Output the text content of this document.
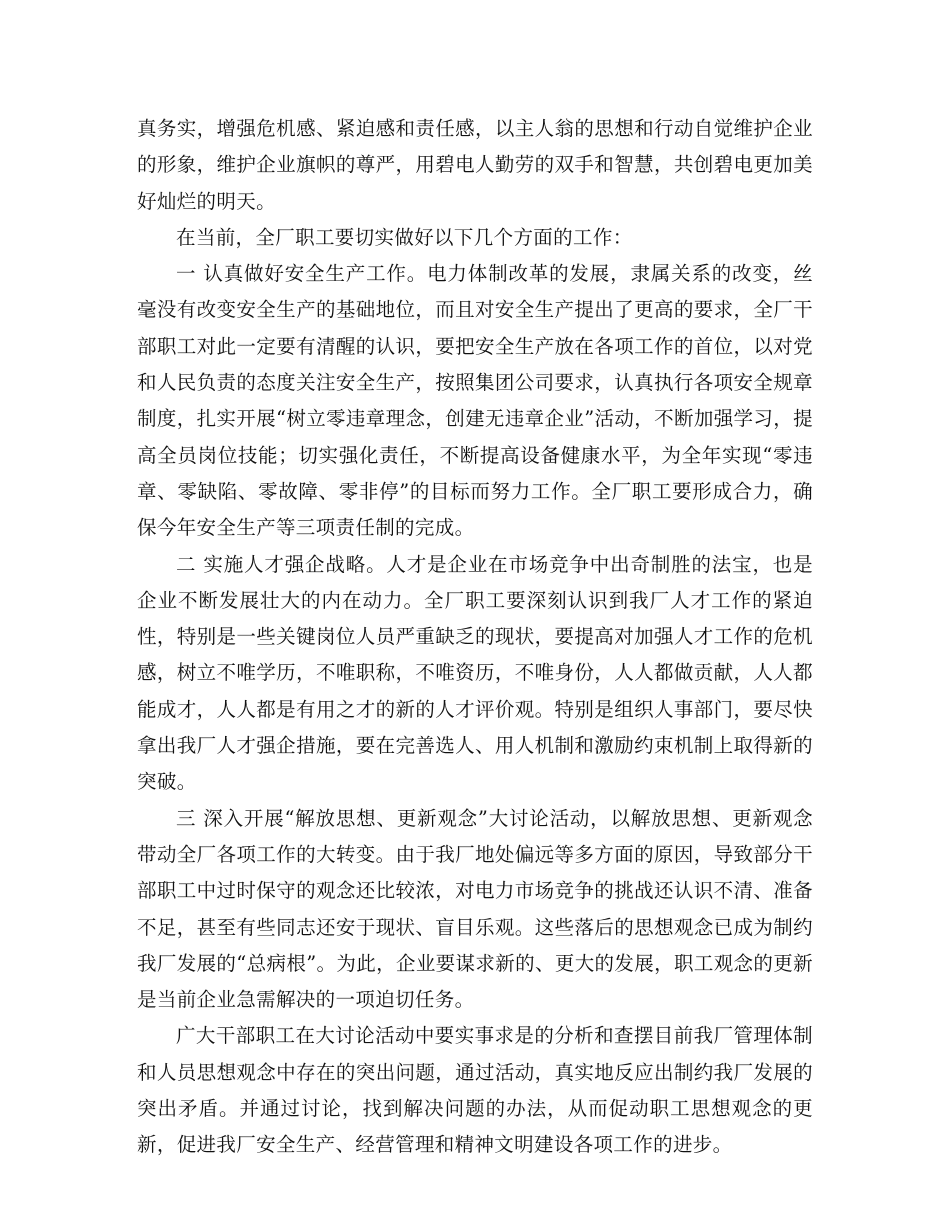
真务实，增强危机感、紧迫感和责任感，以主人翁的思想和行动自觉维护企业的形象，维护企业旗帜的尊严，用碧电人勤劳的双手和智慧，共创碧电更加美好灿烂的明天。

在当前，全厂职工要切实做好以下几个方面的工作：

一 认真做好安全生产工作。电力体制改革的发展，隶属关系的改变，丝毫没有改变安全生产的基础地位，而且对安全生产提出了更高的要求，全厂干部职工对此一定要有清醒的认识，要把安全生产放在各项工作的首位，以对党和人民负责的态度关注安全生产，按照集团公司要求，认真执行各项安全规章制度，扎实开展“树立零违章理念，创建无违章企业”活动，不断加强学习，提高全员岗位技能；切实强化责任，不断提高设备健康水平，为全年实现“零违章、零缺陷、零故障、零非停”的目标而努力工作。全厂职工要形成合力，确保今年安全生产等三项责任制的完成。

二 实施人才强企战略。人才是企业在市场竞争中出奇制胜的法宝，也是企业不断发展壮大的内在动力。全厂职工要深刻认识到我厂人才工作的紧迫性，特别是一些关键岗位人员严重缺乏的现状，要提高对加强人才工作的危机感，树立不唯学历，不唯职称，不唯资历，不唯身份，人人都做贡献，人人都能成才，人人都是有用之才的新的人才评价观。特别是组织人事部门，要尽快拿出我厂人才强企措施，要在完善选人、用人机制和激励约束机制上取得新的突破。

三 深入开展“解放思想、更新观念”大讨论活动，以解放思想、更新观念带动全厂各项工作的大转变。由于我厂地处偏远等多方面的原因，导致部分干部职工中过时保守的观念还比较浓，对电力市场竞争的挑战还认识不清、准备不足，甚至有些同志还安于现状、盲目乐观。这些落后的思想观念已成为制约我厂发展的“总病根”。为此，企业要谋求新的、更大的发展，职工观念的更新是当前企业急需解决的一项迫切任务。

广大干部职工在大讨论活动中要实事求是的分析和查摆目前我厂管理体制和人员思想观念中存在的突出问题，通过活动，真实地反应出制约我厂发展的突出矛盾。并通过讨论，找到解决问题的办法，从而促动职工思想观念的更新，促进我厂安全生产、经营管理和精神文明建设各项工作的进步。
